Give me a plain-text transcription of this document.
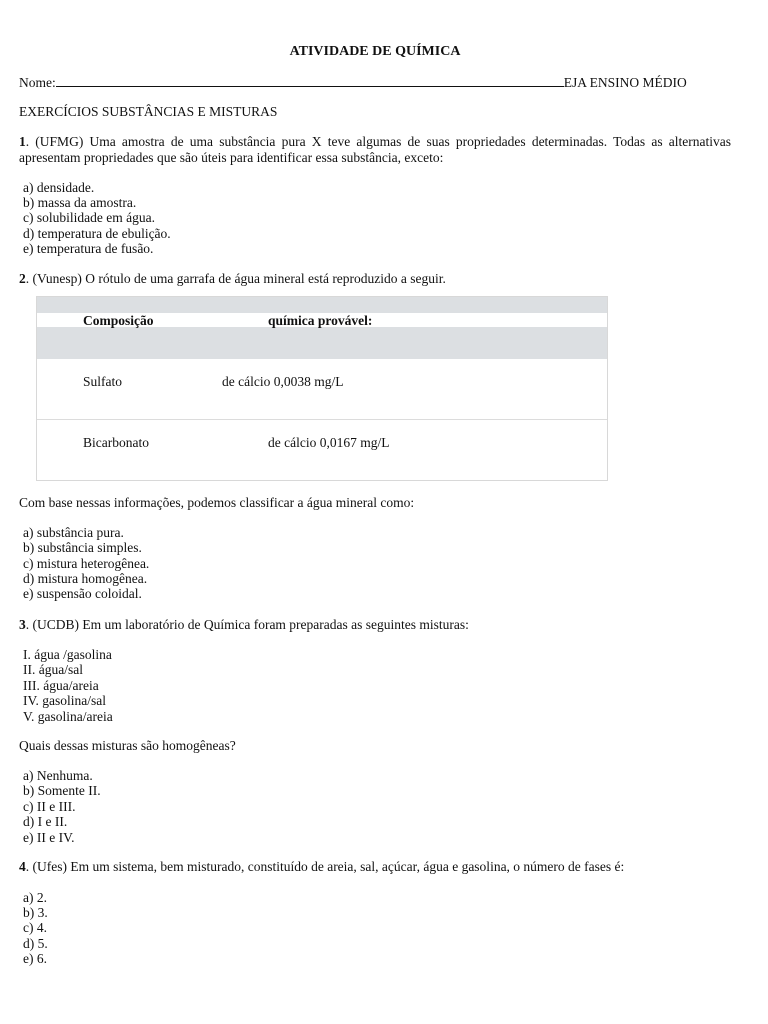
ATIVIDADE DE QUÍMICA
Nome:	EJA ENSINO MÉDIO
EXERCÍCIOS SUBSTÂNCIAS E MISTURAS
1. (UFMG) Uma amostra de uma substância pura X teve algumas de suas propriedades determinadas. Todas as alternativas apresentam propriedades que são úteis para identificar essa substância, exceto:
a) densidade.
b) massa da amostra.
c) solubilidade em água.
d) temperatura de ebulição.
e) temperatura de fusão.
2. (Vunesp) O rótulo de uma garrafa de água mineral está reproduzido a seguir.
Composição	química provável:
Sulfato	de cálcio 0,0038 mg/L
Bicarbonato	de cálcio 0,0167 mg/L
Com base nessas informações, podemos classificar a água mineral como:
a) substância pura.
b) substância simples.
c) mistura heterogênea.
d) mistura homogênea.
e) suspensão coloidal.
3. (UCDB) Em um laboratório de Química foram preparadas as seguintes misturas:
I. água /gasolina
II. água/sal
III. água/areia
IV. gasolina/sal
V. gasolina/areia
Quais dessas misturas são homogêneas?
a) Nenhuma.
b) Somente II.
c) II e III.
d) I e II.
e) II e IV.
4. (Ufes) Em um sistema, bem misturado, constituído de areia, sal, açúcar, água e gasolina, o número de fases é:
a) 2.
b) 3.
c) 4.
d) 5.
e) 6.
